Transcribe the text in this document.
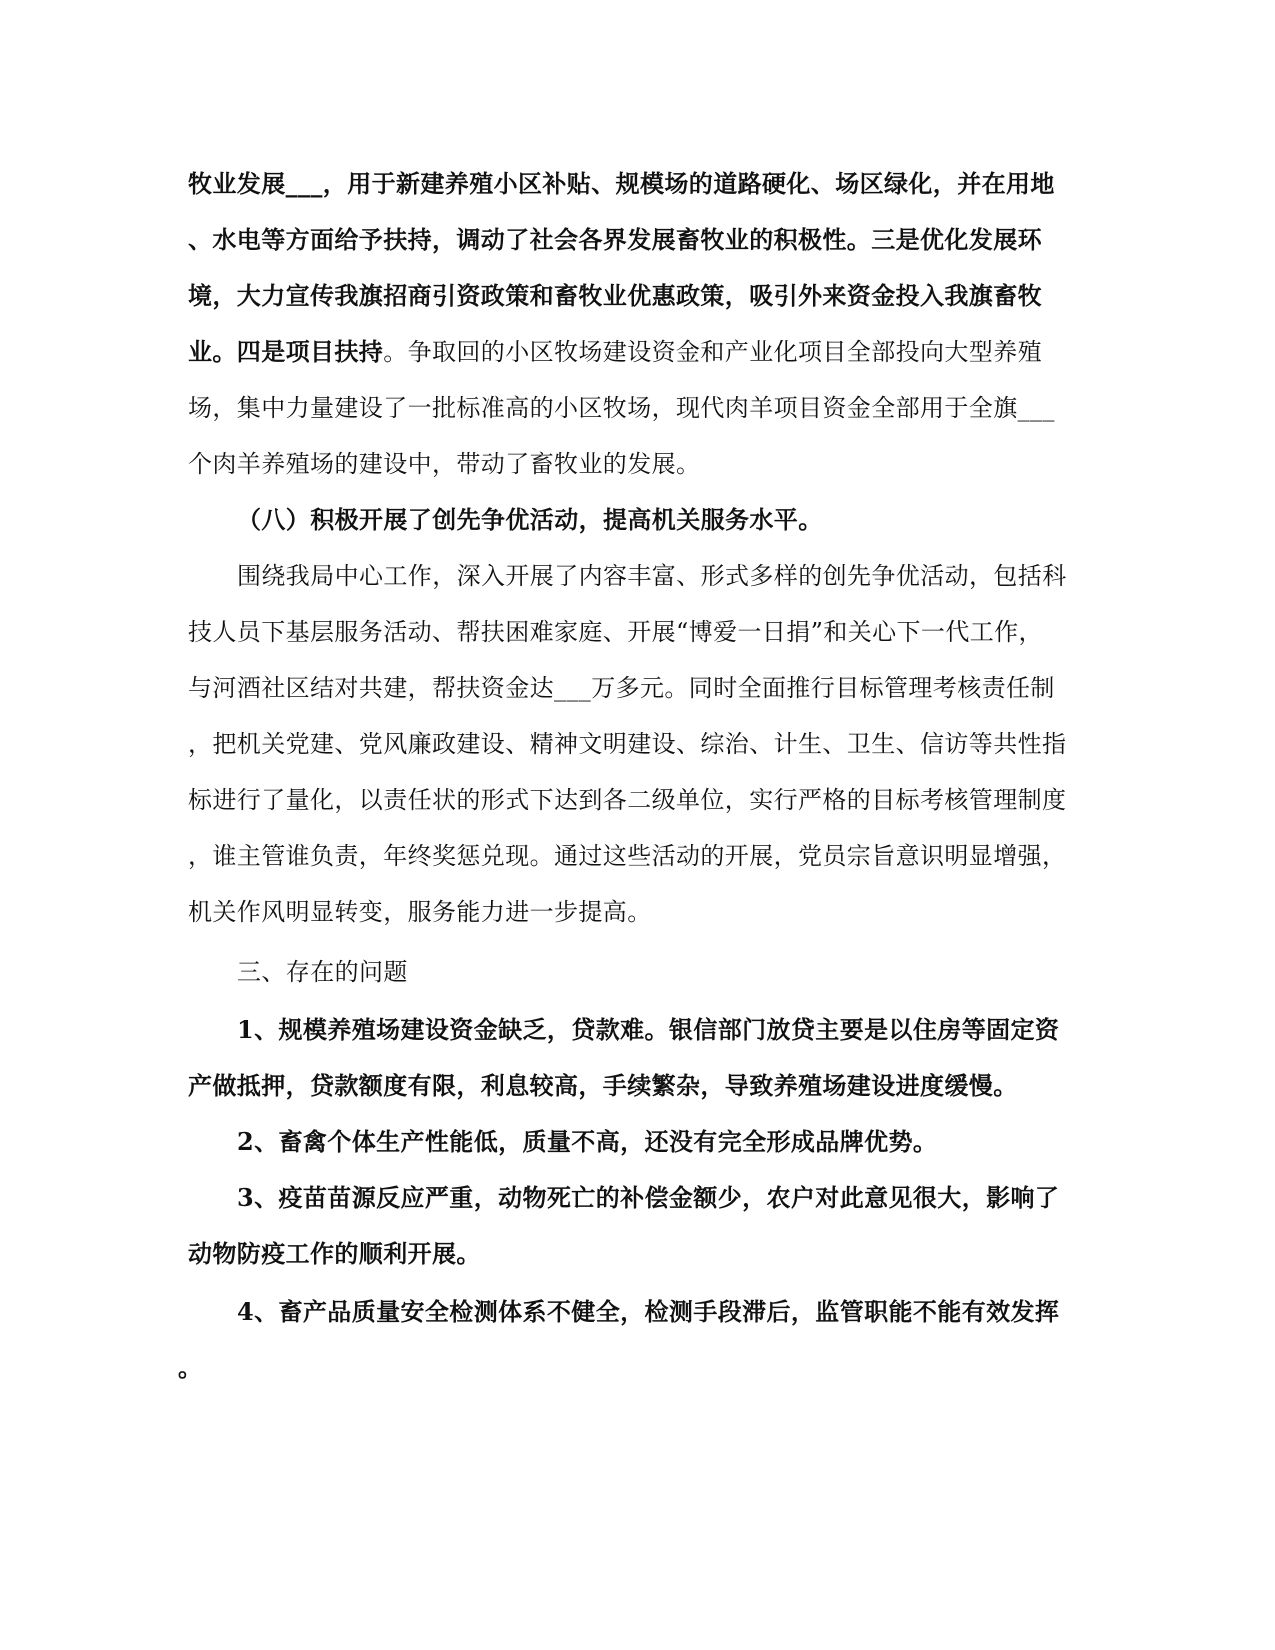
牧业发展___，用于新建养殖小区补贴、规模场的道路硬化、场区绿化，并在用地
、水电等方面给予扶持，调动了社会各界发展畜牧业的积极性。三是优化发展环
境，大力宣传我旗招商引资政策和畜牧业优惠政策，吸引外来资金投入我旗畜牧
业。四是项目扶持。争取回的小区牧场建设资金和产业化项目全部投向大型养殖
场，集中力量建设了一批标准高的小区牧场，现代肉羊项目资金全部用于全旗___
个肉羊养殖场的建设中，带动了畜牧业的发展。
（八）积极开展了创先争优活动，提高机关服务水平。
围绕我局中心工作，深入开展了内容丰富、形式多样的创先争优活动，包括科
技人员下基层服务活动、帮扶困难家庭、开展“博爱一日捐”和关心下一代工作，
与河酒社区结对共建，帮扶资金达___万多元。同时全面推行目标管理考核责任制
，把机关党建、党风廉政建设、精神文明建设、综治、计生、卫生、信访等共性指
标进行了量化，以责任状的形式下达到各二级单位，实行严格的目标考核管理制度
，谁主管谁负责，年终奖惩兑现。通过这些活动的开展，党员宗旨意识明显增强，
机关作风明显转变，服务能力进一步提高。
三、存在的问题
1、规模养殖场建设资金缺乏，贷款难。银信部门放贷主要是以住房等固定资
产做抵押，贷款额度有限，利息较高，手续繁杂，导致养殖场建设进度缓慢。
2、畜禽个体生产性能低，质量不高，还没有完全形成品牌优势。
3、疫苗苗源反应严重，动物死亡的补偿金额少，农户对此意见很大，影响了
动物防疫工作的顺利开展。
4、畜产品质量安全检测体系不健全，检测手段滞后，监管职能不能有效发挥
。
